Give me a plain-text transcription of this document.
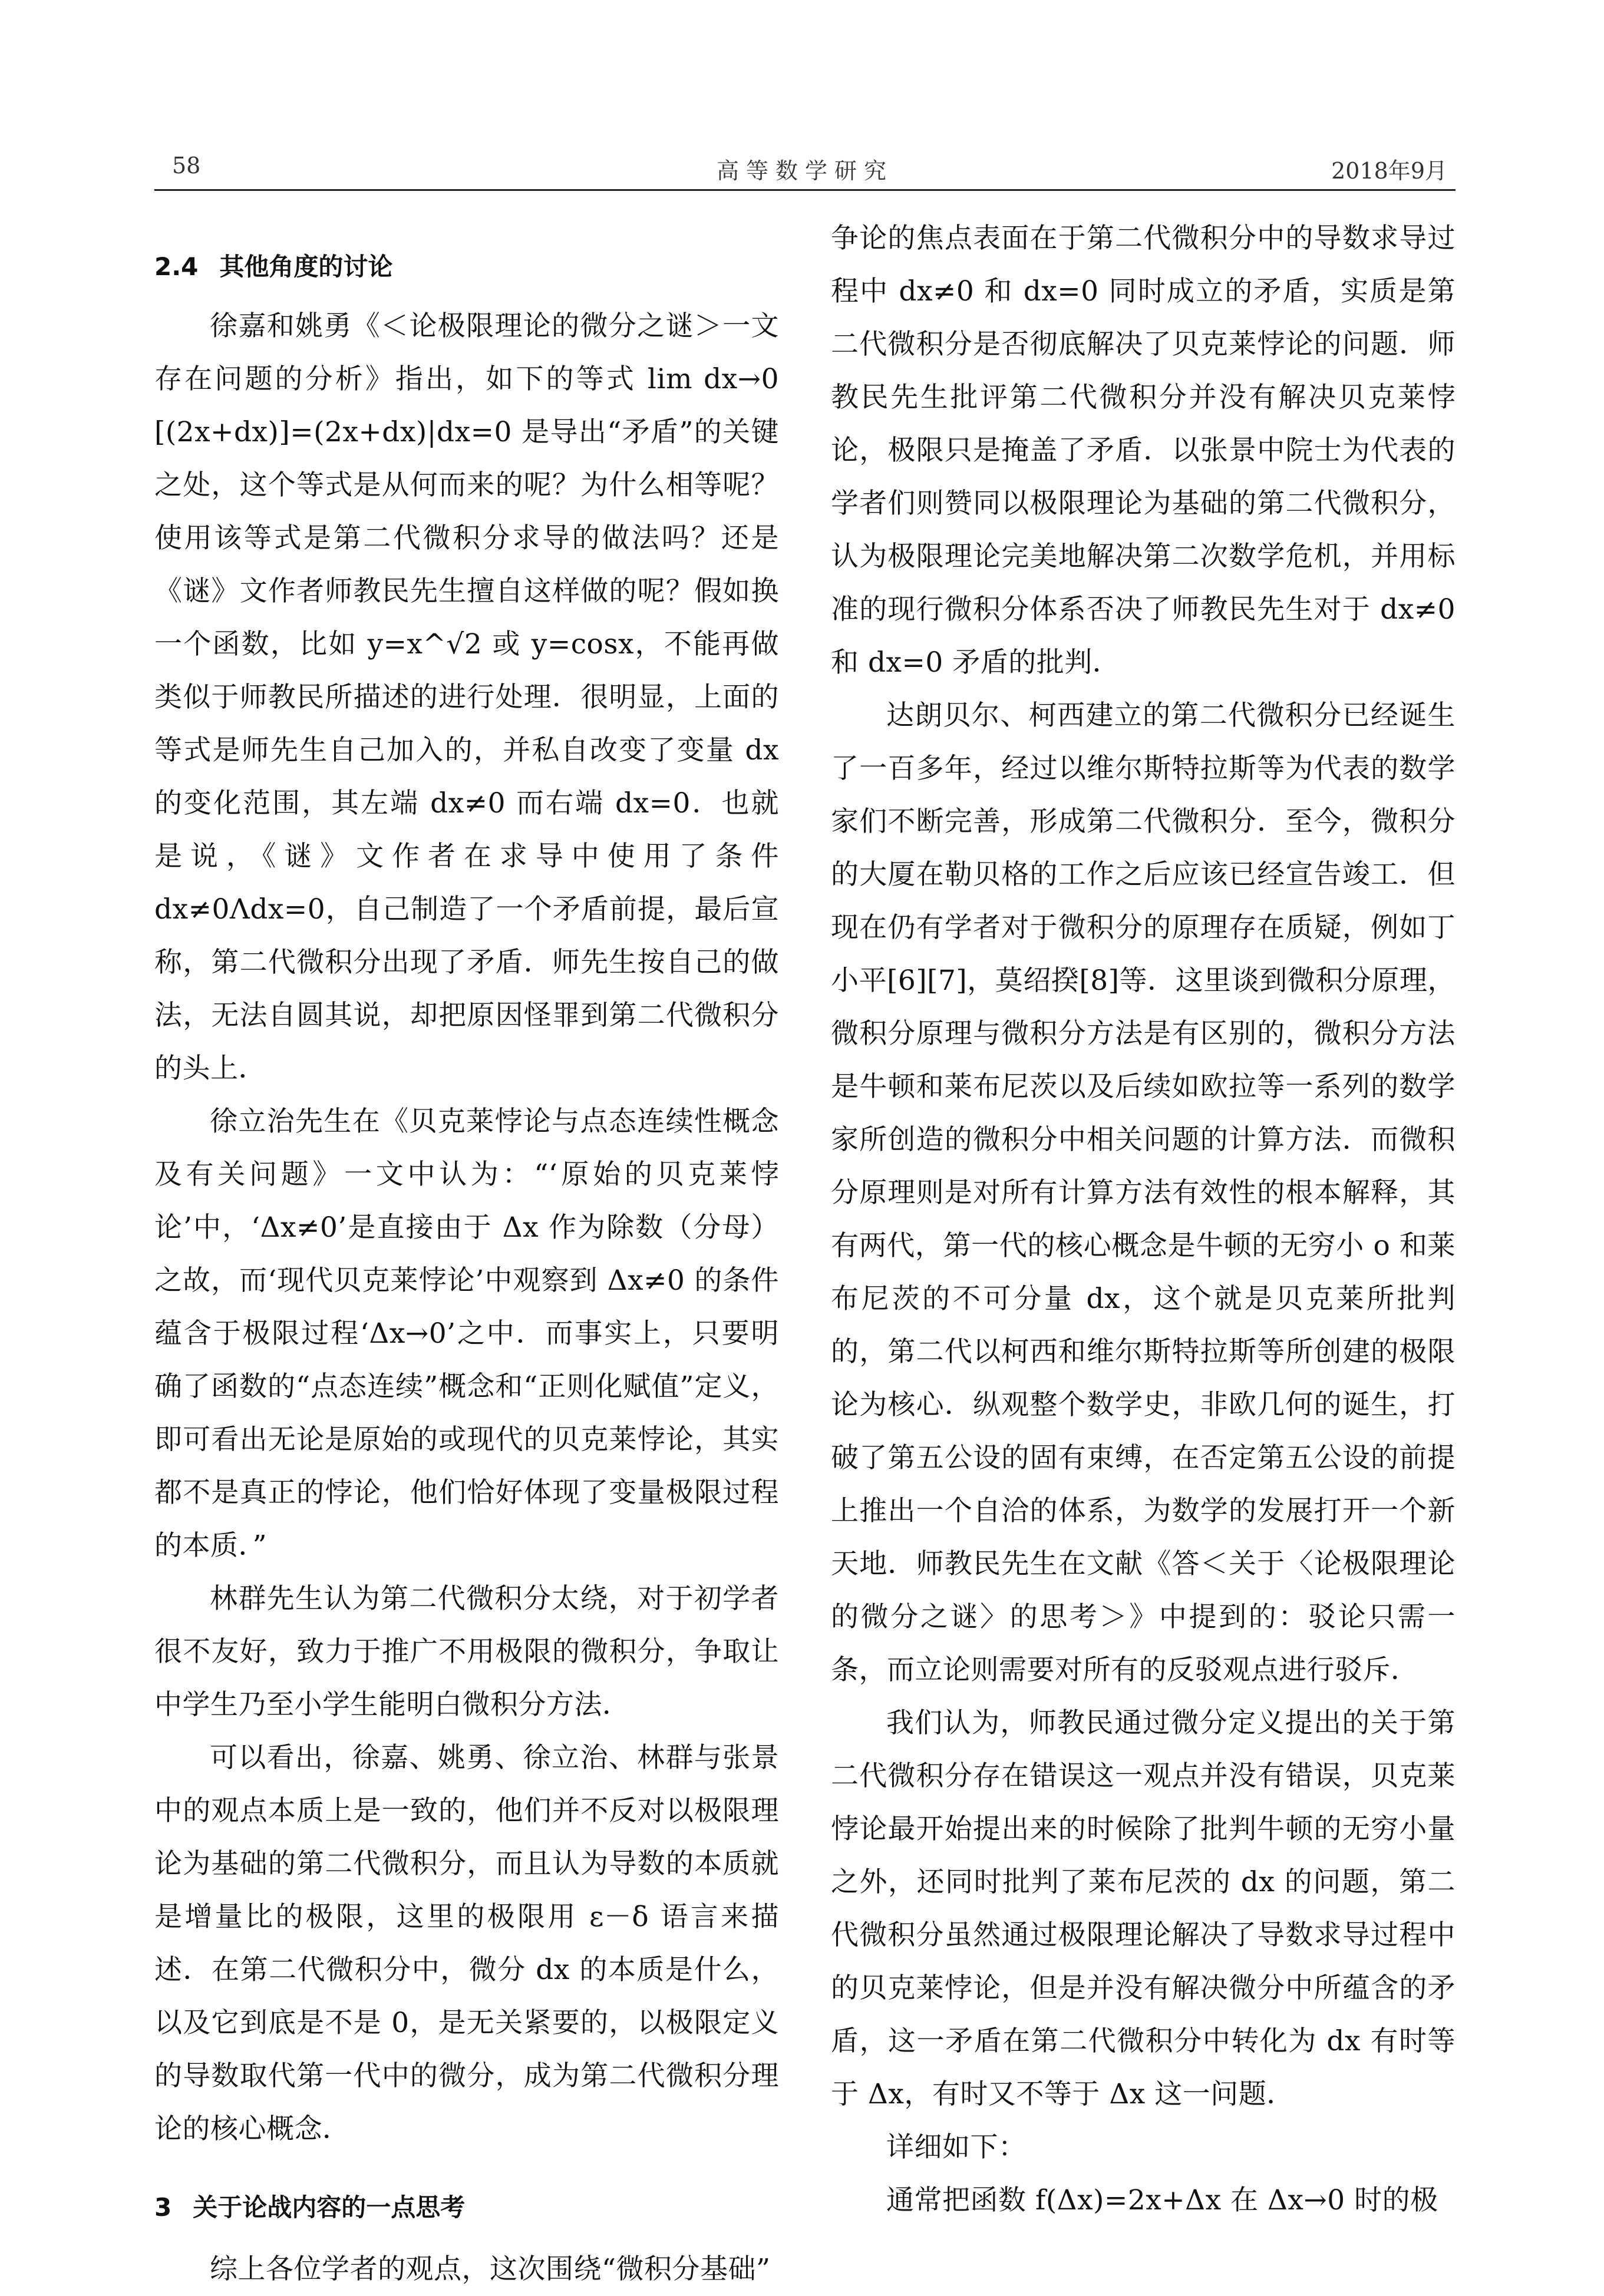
58	高等数学研究	2018年9月
2.4 其他角度的讨论

徐嘉和姚勇《＜论极限理论的微分之谜＞一文存在问题的分析》指出，如下的等式 lim dx→0 [(2x+dx)]=(2x+dx)|dx=0 是导出“矛盾”的关键之处，这个等式是从何而来的呢？为什么相等呢？使用该等式是第二代微积分求导的做法吗？还是《谜》文作者师教民先生擅自这样做的呢？假如换一个函数，比如 y=x^√2 或 y=cosx，不能再做类似于师教民所描述的进行处理．很明显，上面的等式是师先生自己加入的，并私自改变了变量 dx 的变化范围，其左端 dx≠0 而右端 dx=0．也就是说，《谜》文作者在求导中使用了条件 dx≠0Λdx=0，自己制造了一个矛盾前提，最后宣称，第二代微积分出现了矛盾．师先生按自己的做法，无法自圆其说，却把原因怪罪到第二代微积分的头上．

徐立治先生在《贝克莱悖论与点态连续性概念及有关问题》一文中认为：“‘原始的贝克莱悖论’中，‘Δx≠0’是直接由于 Δx 作为除数（分母）之故，而‘现代贝克莱悖论’中观察到 Δx≠0 的条件蕴含于极限过程‘Δx→0’之中．而事实上，只要明确了函数的“点态连续”概念和“正则化赋值”定义，即可看出无论是原始的或现代的贝克莱悖论，其实都不是真正的悖论，他们恰好体现了变量极限过程的本质．”

林群先生认为第二代微积分太绕，对于初学者很不友好，致力于推广不用极限的微积分，争取让中学生乃至小学生能明白微积分方法．

可以看出，徐嘉、姚勇、徐立治、林群与张景中的观点本质上是一致的，他们并不反对以极限理论为基础的第二代微积分，而且认为导数的本质就是增量比的极限，这里的极限用 ε－δ 语言来描述．在第二代微积分中，微分 dx 的本质是什么，以及它到底是不是 0，是无关紧要的，以极限定义的导数取代第一代中的微分，成为第二代微积分理论的核心概念．

3 关于论战内容的一点思考

综上各位学者的观点，这次围绕“微积分基础”

争论的焦点表面在于第二代微积分中的导数求导过程中 dx≠0 和 dx=0 同时成立的矛盾，实质是第二代微积分是否彻底解决了贝克莱悖论的问题．师教民先生批评第二代微积分并没有解决贝克莱悖论，极限只是掩盖了矛盾．以张景中院士为代表的学者们则赞同以极限理论为基础的第二代微积分，认为极限理论完美地解决第二次数学危机，并用标准的现行微积分体系否决了师教民先生对于 dx≠0 和 dx=0 矛盾的批判．

达朗贝尔、柯西建立的第二代微积分已经诞生了一百多年，经过以维尔斯特拉斯等为代表的数学家们不断完善，形成第二代微积分．至今，微积分的大厦在勒贝格的工作之后应该已经宣告竣工．但现在仍有学者对于微积分的原理存在质疑，例如丁小平[6][7]，莫绍揆[8]等．这里谈到微积分原理，微积分原理与微积分方法是有区别的，微积分方法是牛顿和莱布尼茨以及后续如欧拉等一系列的数学家所创造的微积分中相关问题的计算方法．而微积分原理则是对所有计算方法有效性的根本解释，其有两代，第一代的核心概念是牛顿的无穷小 o 和莱布尼茨的不可分量 dx，这个就是贝克莱所批判的，第二代以柯西和维尔斯特拉斯等所创建的极限论为核心．纵观整个数学史，非欧几何的诞生，打破了第五公设的固有束缚，在否定第五公设的前提上推出一个自洽的体系，为数学的发展打开一个新天地．师教民先生在文献《答＜关于〈论极限理论的微分之谜〉的思考＞》中提到的：驳论只需一条，而立论则需要对所有的反驳观点进行驳斥．

我们认为，师教民通过微分定义提出的关于第二代微积分存在错误这一观点并没有错误，贝克莱悖论最开始提出来的时候除了批判牛顿的无穷小量之外，还同时批判了莱布尼茨的 dx 的问题，第二代微积分虽然通过极限理论解决了导数求导过程中的贝克莱悖论，但是并没有解决微分中所蕴含的矛盾，这一矛盾在第二代微积分中转化为 dx 有时等于 Δx，有时又不等于 Δx 这一问题．

详细如下：

通常把函数 f(Δx)=2x+Δx 在 Δx→0 时的极
